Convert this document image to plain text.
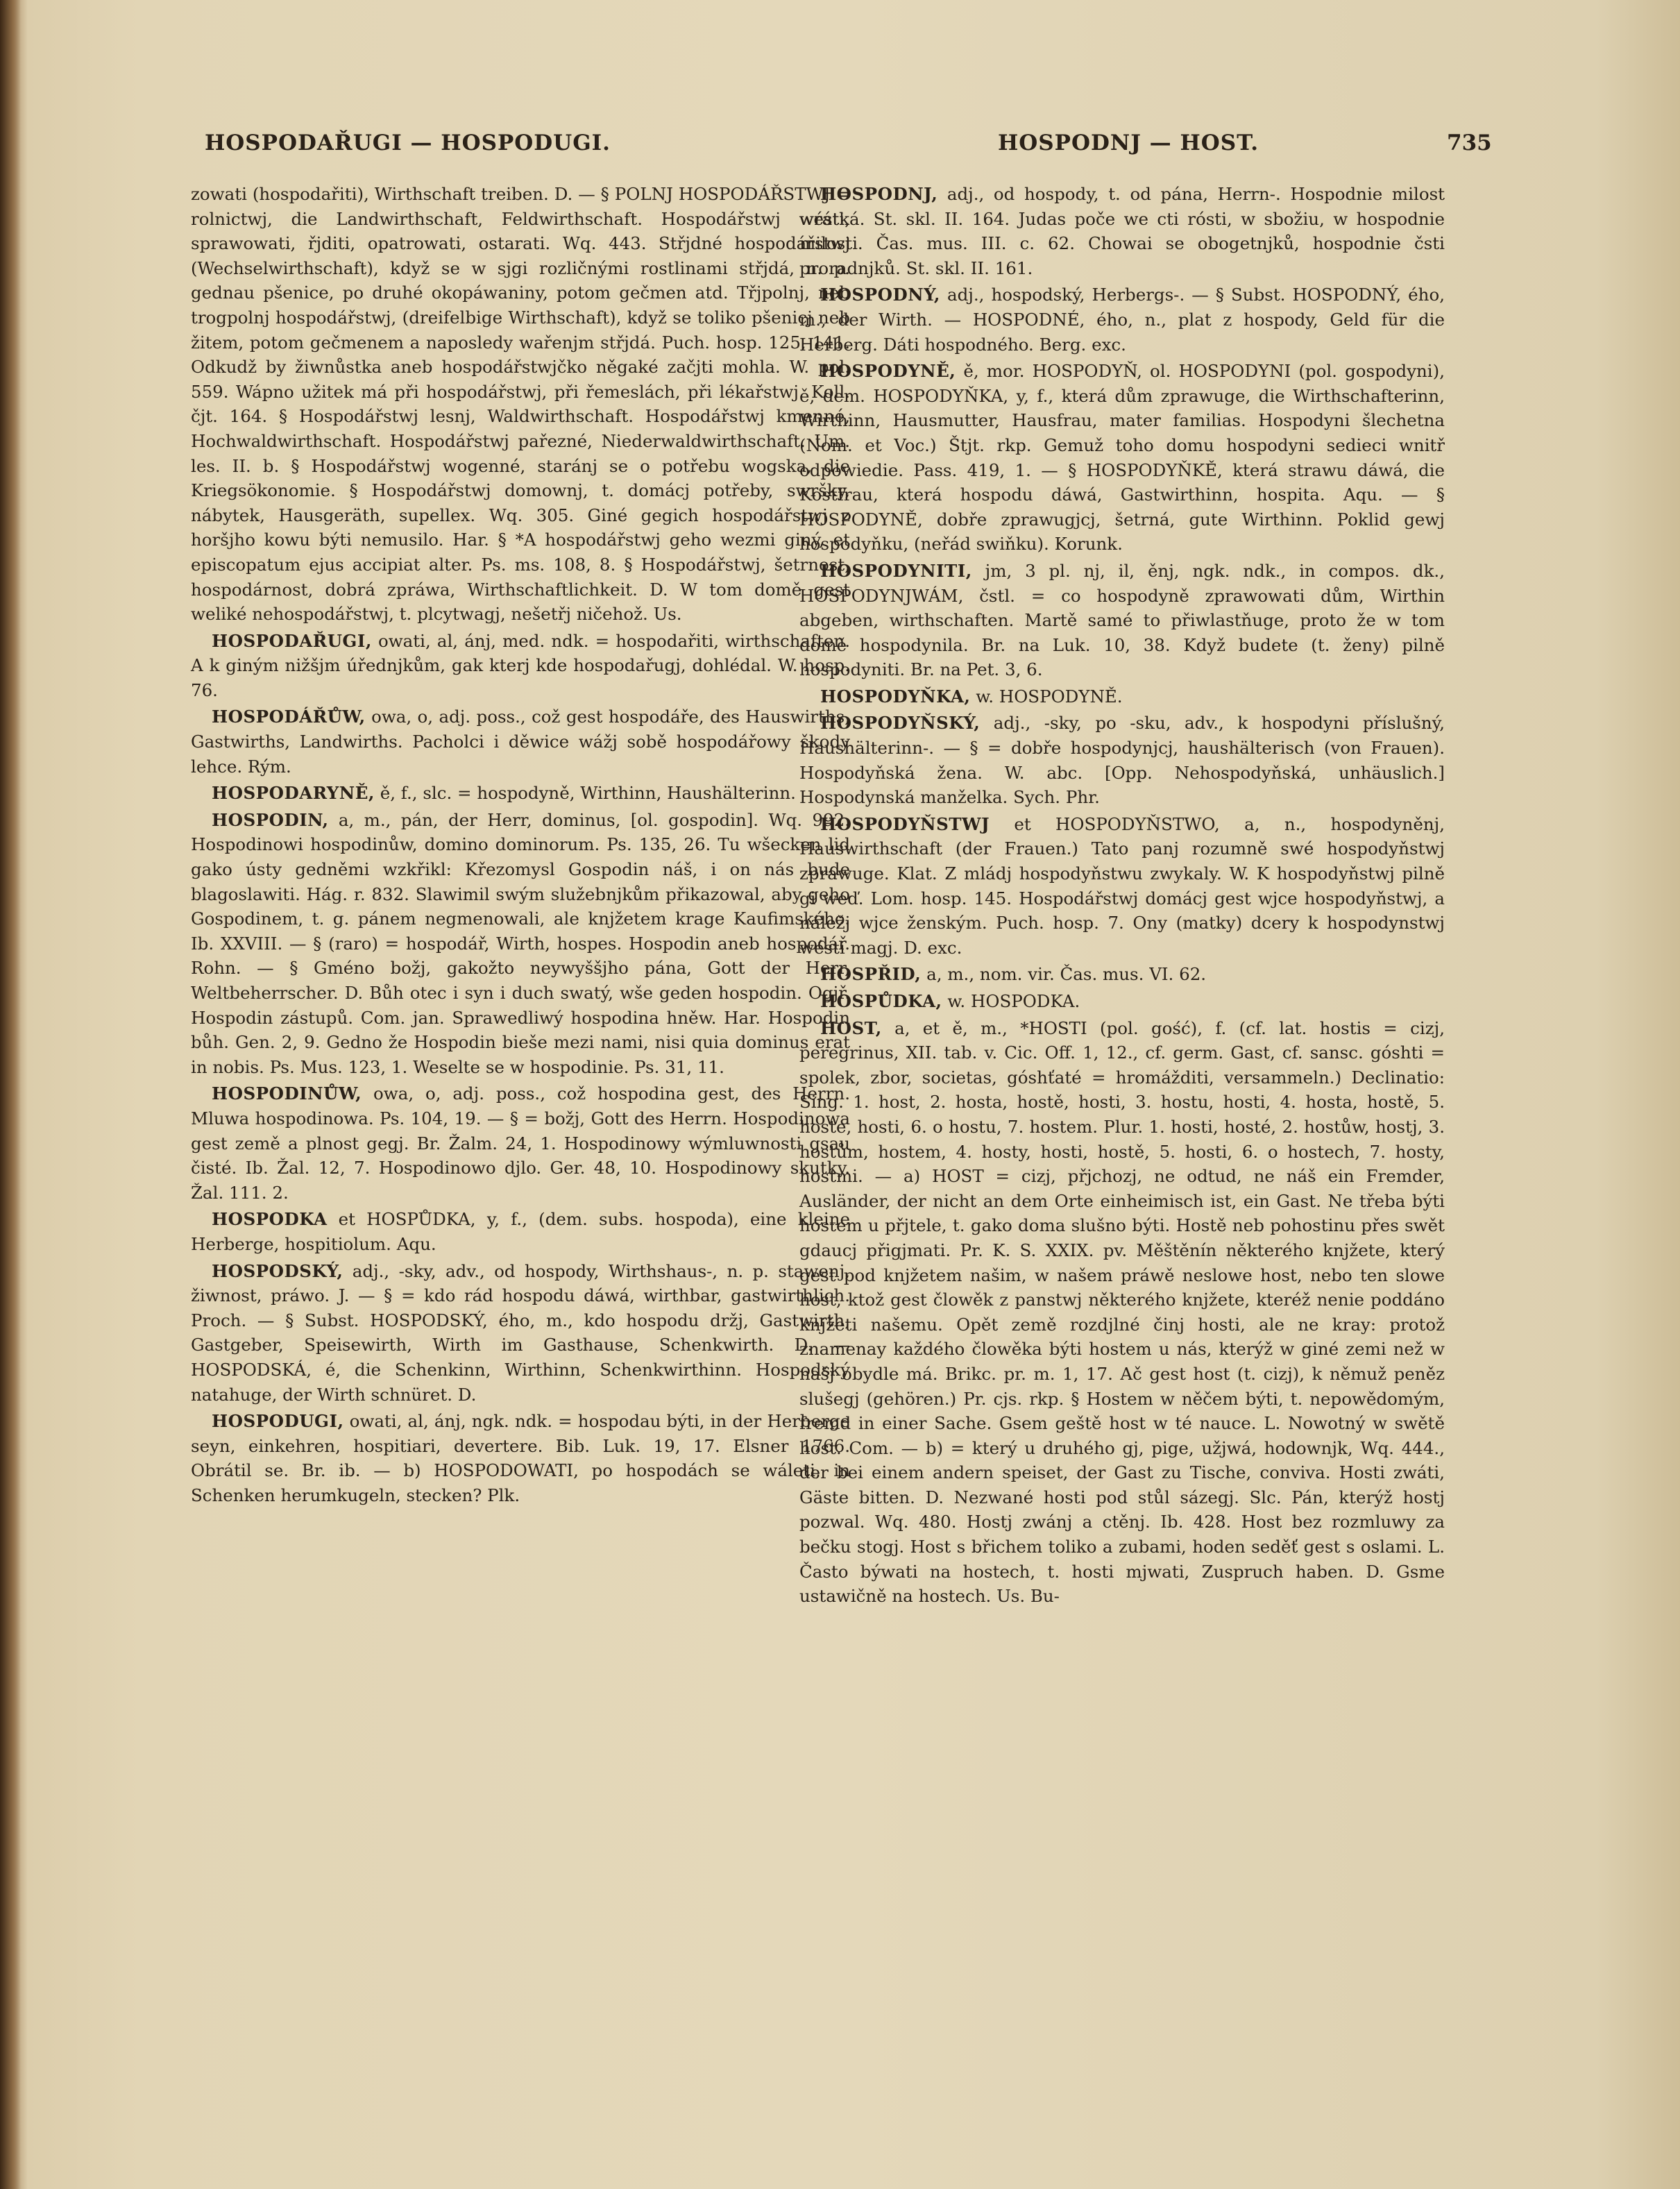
HOSPODAŘUGI — HOSPODUGI.	HOSPODNJ — HOST.	735

zowati (hospodařiti), Wirthschaft treiben. D. — § POLNJ HOSPODÁŘSTWJ = rolnictwj, die Landwirthschaft, Feldwirthschaft. Hospodářstwj wésti, sprawowati, řjditi, opatrowati, ostarati. Wq. 443. Střjdné hospodářstwj (Wechselwirthschaft), když se w sjgi rozličnými rostlinami střjdá, n. p. gednau pšenice, po druhé okopáwaniny, potom gečmen atd. Třjpolnj, neb trogpolnj hospodářstwj, (dreifelbige Wirthschaft), když se toliko pšenicj neb žitem, potom gečmenem a naposledy wařenjm střjdá. Puch. hosp. 125, 141. Odkudž by žiwnůstka aneb hospodářstwjčko něgaké začjti mohla. W. pol. 559. Wápno užitek má při hospodářstwj, při řemeslách, při lékařstwj. Koll. čjt. 164. § Hospodářstwj lesnj, Waldwirthschaft. Hospodářstwj kmenné, Hochwaldwirthschaft. Hospodářstwj pařezné, Niederwaldwirthschaft. Um. les. II. b. § Hospodářstwj wogenné, staránj se o potřebu wogska, die Kriegsökonomie. § Hospodářstwj domownj, t. domácj potřeby, swršky, nábytek, Hausgeräth, supellex. Wq. 305. Giné gegich hospodářstwj z horšjho kowu býti nemusilo. Har. § *A hospodářstwj geho wezmi giný, et episcopatum ejus accipiat alter. Ps. ms. 108, 8. § Hospodářstwj, šetrnost, hospodárnost, dobrá zpráwa, Wirthschaftlichkeit. D. W tom domě gest weliké nehospodářstwj, t. plcytwagj, nešetřj ničehož. Us.

HOSPODAŘUGI, owati, al, ánj, med. ndk. = hospodařiti, wirthschaften. A k giným nižšjm úřednjkům, gak kterj kde hospodařugj, dohlédal. W. hosp. 76.

HOSPODÁŘŮW, owa, o, adj. poss., což gest hospodáře, des Hauswirths, Gastwirths, Landwirths. Pacholci i děwice wážj sobě hospodářowy škody lehce. Rým.

HOSPODARYNĚ, ě, f., slc. = hospodyně, Wirthinn, Haushälterinn.

HOSPODIN, a, m., pán, der Herr, dominus, [ol. gospodin]. Wq. 992. Hospodinowi hospodinůw, domino dominorum. Ps. 135, 26. Tu wšecken lid gako ústy gedněmi wzkřikl: Křezomysl Gospodin náš, i on nás bude blagoslawiti. Hág. r. 832. Slawimil swým služebnjkům přikazowal, aby geho Gospodinem, t. g. pánem negmenowali, ale knjžetem krage Kaufimského. Ib. XXVIII. — § (raro) = hospodář, Wirth, hospes. Hospodin aneb hospodář. Rohn. — § Gméno božj, gakožto neywyššjho pána, Gott der Herr, Weltbeherrscher. D. Bůh otec i syn i duch swatý, wše geden hospodin. Ogjř. Hospodin zástupů. Com. jan. Sprawedliwý hospodina hněw. Har. Hospodin bůh. Gen. 2, 9. Gedno že Hospodin bieše mezi nami, nisi quia dominus erat in nobis. Ps. Mus. 123, 1. Weselte se w hospodinie. Ps. 31, 11.

HOSPODINŮW, owa, o, adj. poss., což hospodina gest, des Herrn. Mluwa hospodinowa. Ps. 104, 19. — § = božj, Gott des Herrn. Hospodinowa gest země a plnost gegj. Br. Žalm. 24, 1. Hospodinowy wýmluwnosti gsau čisté. Ib. Žal. 12, 7. Hospodinowo djlo. Ger. 48, 10. Hospodinowy skutky. Žal. 111. 2.

HOSPODKA et HOSPŮDKA, y, f., (dem. subs. hospoda), eine kleine Herberge, hospitiolum. Aqu.

HOSPODSKÝ, adj., -sky, adv., od hospody, Wirthshaus-, n. p. stawenj, žiwnost, práwo. J. — § = kdo rád hospodu dáwá, wirthbar, gastwirthlich. Proch. — § Subst. HOSPODSKÝ, ého, m., kdo hospodu držj, Gastwirth, Gastgeber, Speisewirth, Wirth im Gasthause, Schenkwirth. D. — HOSPODSKÁ, é, die Schenkinn, Wirthinn, Schenkwirthinn. Hospodský natahuge, der Wirth schnüret. D.

HOSPODUGI, owati, al, ánj, ngk. ndk. = hospodau býti, in der Herberge seyn, einkehren, hospitiari, devertere. Bib. Luk. 19, 17. Elsner 1766. Obrátil se. Br. ib. — b) HOSPODOWATI, po hospodách se wáleti, in Schenken herumkugeln, stecken? Plk.

HOSPODNJ, adj., od hospody, t. od pána, Herrn-. Hospodnie milost wrátká. St. skl. II. 164. Judas poče we cti rósti, w sbožiu, w hospodnie milosti. Čas. mus. III. c. 62. Chowai se obogetnjků, hospodnie čsti proradnjků. St. skl. II. 161.

HOSPODNÝ, adj., hospodský, Herbergs-. — § Subst. HOSPODNÝ, ého, m., der Wirth. — HOSPODNÉ, ého, n., plat z hospody, Geld für die Herberg. Dáti hospodného. Berg. exc.

HOSPODYNĚ, ě, mor. HOSPODYŇ, ol. HOSPODYNI (pol. gospodyni), ě, dem. HOSPODYŇKA, y, f., která dům zprawuge, die Wirthschafterinn, Wirthinn, Hausmutter, Hausfrau, mater familias. Hospodyni šlechetna (Nom. et Voc.) Štjt. rkp. Gemuž toho domu hospodyni sedieci wnitř odpowiedie. Pass. 419, 1. — § HOSPODYŇKĚ, která strawu dáwá, die Kostfrau, která hospodu dáwá, Gastwirthinn, hospita. Aqu. — § HOSPODYNĚ, dobře zprawugjcj, šetrná, gute Wirthinn. Poklid gewj hospodyňku, (neřád swiňku). Korunk.

HOSPODYNITI, jm, 3 pl. nj, il, ěnj, ngk. ndk., in compos. dk., HOSPODYNJWÁM, čstl. = co hospodyně zprawowati dům, Wirthin abgeben, wirthschaften. Martě samé to přiwlastňuge, proto že w tom domě hospodynila. Br. na Luk. 10, 38. Když budete (t. ženy) pilně hospodyniti. Br. na Pet. 3, 6.

HOSPODYŇKA, w. HOSPODYNĚ.

HOSPODYŇSKÝ, adj., -sky, po -sku, adv., k hospodyni příslušný, Haushälterinn-. — § = dobře hospodynjcj, haushälterisch (von Frauen). Hospodyňská žena. W. abc. [Opp. Nehospodyňská, unhäuslich.] Hospodynská manželka. Sych. Phr.

HOSPODYŇSTWJ et HOSPODYŇSTWO, a, n., hospodyněnj, Hauswirthschaft (der Frauen.) Tato panj rozumně swé hospodyňstwj zprawuge. Klat. Z mládj hospodyňstwu zwykaly. W. K hospodyňstwj pilně gi weď. Lom. hosp. 145. Hospodářstwj domácj gest wjce hospodyňstwj, a náležj wjce ženským. Puch. hosp. 7. Ony (matky) dcery k hospodynstwj wésti magj. D. exc.

HOSPŘID, a, m., nom. vir. Čas. mus. VI. 62.

HOSPŮDKA, w. HOSPODKA.

HOST, a, et ě, m., *HOSTI (pol. gość), f. (cf. lat. hostis = cizj, peregrinus, XII. tab. v. Cic. Off. 1, 12., cf. germ. Gast, cf. sansc. góshti = spolek, zbor, societas, góshťaté = hromážditi, versammeln.) Declinatio: Sing. 1. host, 2. hosta, hostě, hosti, 3. hostu, hosti, 4. hosta, hostě, 5. hoste, hosti, 6. o hostu, 7. hostem. Plur. 1. hosti, hosté, 2. hostůw, hostj, 3. hostům, hostem, 4. hosty, hosti, hostě, 5. hosti, 6. o hostech, 7. hosty, hostmi. — a) HOST = cizj, přjchozj, ne odtud, ne náš ein Fremder, Ausländer, der nicht an dem Orte einheimisch ist, ein Gast. Ne třeba býti hostem u přjtele, t. gako doma slušno býti. Hostě neb pohostinu přes swět gdaucj přigjmati. Pr. K. S. XXIX. pv. Měštěnín některého knjžete, který gest pod knjžetem našim, w našem práwě neslowe host, nebo ten slowe host, ktož gest člowěk z panstwj některého knjžete, kteréž nenie poddáno knjžeti našemu. Opět země rozdjlné činj hosti, ale ne kray: protož znamenay každého člowěka býti hostem u nás, kterýž w giné zemi než w našj obydle má. Brikc. pr. m. 1, 17. Ač gest host (t. cizj), k němuž peněz slušegj (gehören.) Pr. cjs. rkp. § Hostem w něčem býti, t. nepowědomým, fremd in einer Sache. Gsem geště host w té nauce. L. Nowotný w swětě host. Com. — b) = který u druhého gj, pige, užjwá, hodownjk, Wq. 444., der bei einem andern speiset, der Gast zu Tische, conviva. Hosti zwáti, Gäste bitten. D. Nezwané hosti pod stůl sázegj. Slc. Pán, kterýž hostj pozwal. Wq. 480. Hostj zwánj a ctěnj. Ib. 428. Host bez rozmluwy za bečku stogj. Host s břichem toliko a zubami, hoden seděť gest s oslami. L. Často býwati na hostech, t. hosti mjwati, Zuspruch haben. D. Gsme ustawičně na hostech. Us. Bu-
